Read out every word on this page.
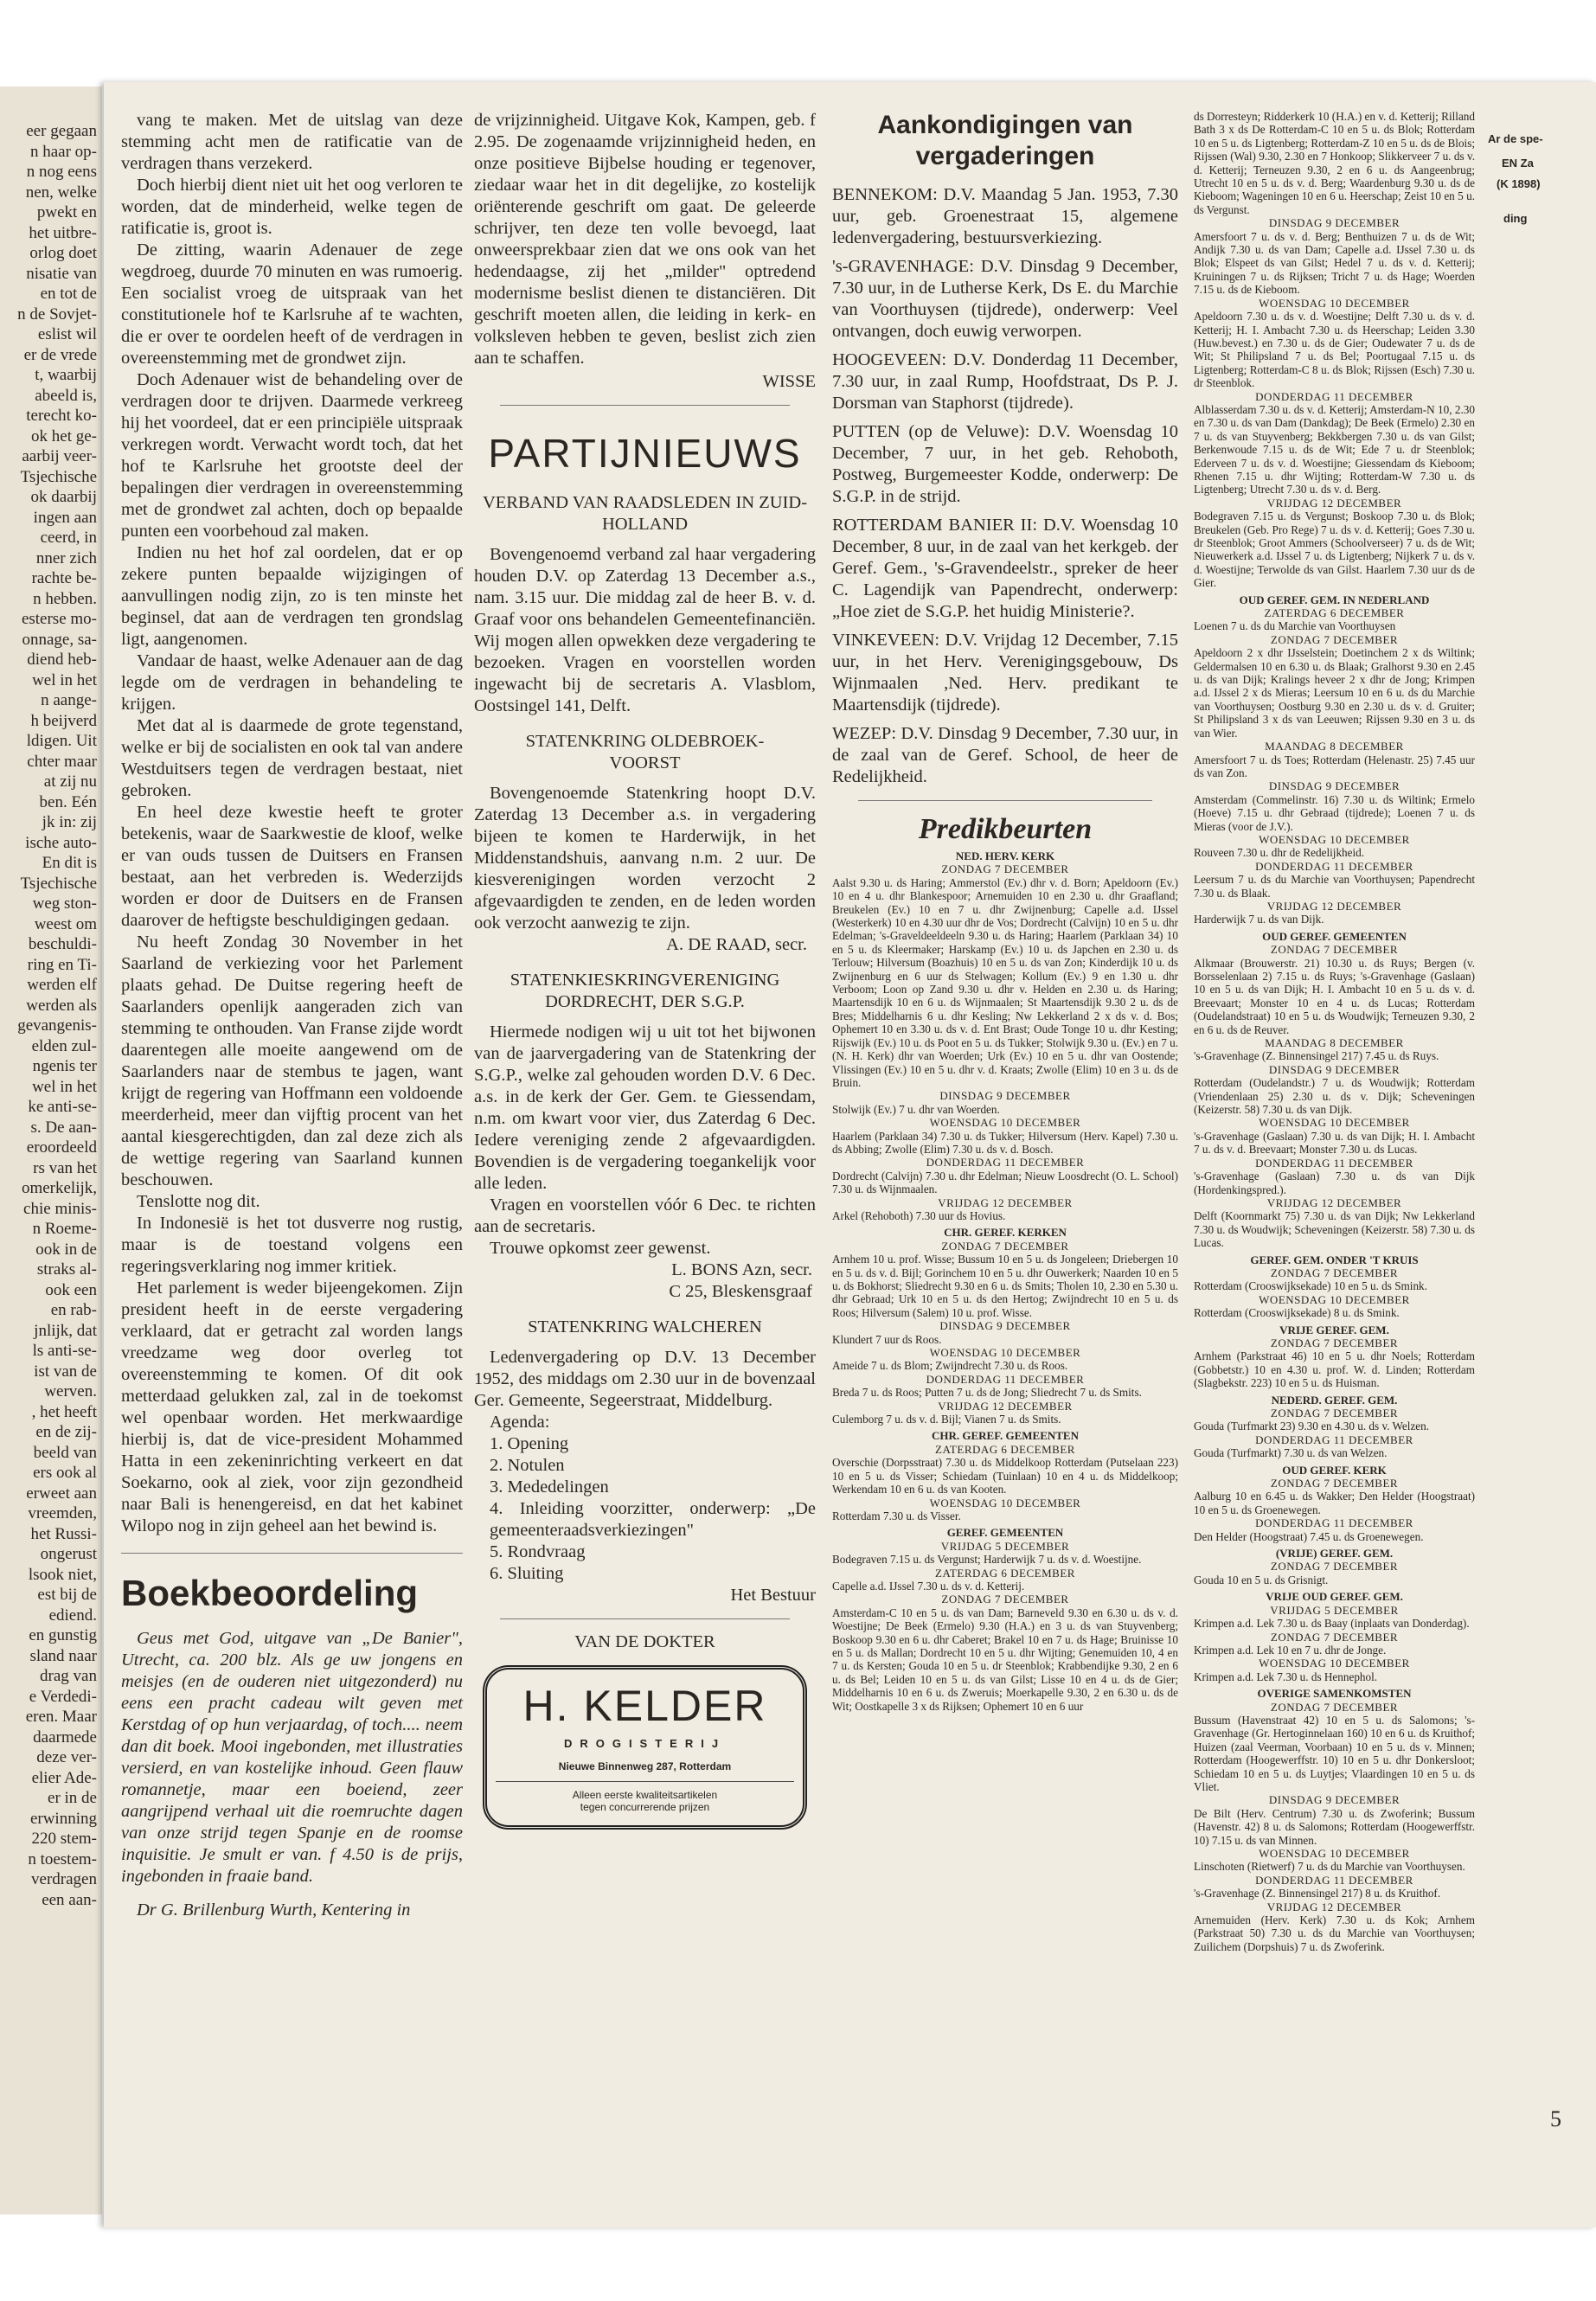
eer gegaan
n haar op-
n nog eens
nen, welke
pwekt en
het uitbre-
orlog doet
nisatie van
en tot de
n de Sovjet-
eslist wil
er de vrede
t, waarbij
abeeld is,
terecht ko-
ok het ge-
aarbij veer-
Tsjechische
ok daarbij
ingen aan
ceerd, in
nner zich
rachte be-
n hebben.
esterse mo-
onnage, sa-
diend heb-
wel in het
n aange-
h beijverd
ldigen. Uit
chter maar
at zij nu
ben. Eén
jk in: zij
ische auto-
En dit is
Tsjechische
weg ston-
weest om
beschuldi-
ring en Ti-
werden elf
werden als
gevangenis-
elden zul-
ngenis ter
wel in het
ke anti-se-
s. De aan-
eroordeeld
rs van het
omerkelijk,
chie minis-
n Roeme-
ook in de
straks al-
ook een
en rab-
jnlijk, dat
ls anti-se-
ist van de
werven.
, het heeft
en de zij-
beeld van
ers ook al
erweet aan
vreemden,
het Russi-
ongerust
lsook niet,
est bij de
ediend.
en gunstig
sland naar
drag van
e Verdedi-
eren. Maar
daarmede
deze ver-
elier Ade-
er in de
erwinning
220 stem-
n toestem-
verdragen
een aan-

vang te maken. Met de uitslag van deze stemming acht men de ratificatie van de verdragen thans verzekerd.

Doch hierbij dient niet uit het oog verloren te worden, dat de minderheid, welke tegen de ratificatie is, groot is.

De zitting, waarin Adenauer de zege wegdroeg, duurde 70 minuten en was rumoerig. Een socialist vroeg de uitspraak van het constitutionele hof te Karlsruhe af te wachten, die er over te oordelen heeft of de verdragen in overeenstemming met de grondwet zijn.

Doch Adenauer wist de behandeling over de verdragen door te drijven. Daarmede verkreeg hij het voordeel, dat er een principiële uitspraak verkregen wordt. Verwacht wordt toch, dat het hof te Karlsruhe het grootste deel der bepalingen dier verdragen in overeenstemming met de grondwet zal achten, doch op bepaalde punten een voorbehoud zal maken.

Indien nu het hof zal oordelen, dat er op zekere punten bepaalde wijzigingen of aanvullingen nodig zijn, zo is ten minste het beginsel, dat aan de verdragen ten grondslag ligt, aangenomen.

Vandaar de haast, welke Adenauer aan de dag legde om de verdragen in behandeling te krijgen.

Met dat al is daarmede de grote tegenstand, welke er bij de socialisten en ook tal van andere Westduitsers tegen de verdragen bestaat, niet gebroken.

En heel deze kwestie heeft te groter betekenis, waar de Saarkwestie de kloof, welke er van ouds tussen de Duitsers en Fransen bestaat, aan het verbreden is. Wederzijds worden er door de Duitsers en de Fransen daarover de heftigste beschuldigingen gedaan.

Nu heeft Zondag 30 November in het Saarland de verkiezing voor het Parlement plaats gehad. De Duitse regering heeft de Saarlanders openlijk aangeraden zich van stemming te onthouden. Van Franse zijde wordt daarentegen alle moeite aangewend om de Saarlanders naar de stembus te jagen, want krijgt de regering van Hoffmann een voldoende meerderheid, meer dan vijftig procent van het aantal kiesgerechtigden, dan zal deze zich als de wettige regering van Saarland kunnen beschouwen.

Tenslotte nog dit.

In Indonesië is het tot dusverre nog rustig, maar is de toestand volgens een regeringsverklaring nog immer kritiek.

Het parlement is weder bijeengekomen. Zijn president heeft in de eerste vergadering verklaard, dat er getracht zal worden langs vreedzame weg door overleg tot overeenstemming te komen. Of dit ook metterdaad gelukken zal, zal in de toekomst wel openbaar worden. Het merkwaardige hierbij is, dat de vice-president Mohammed Hatta in een zekeninrichting verkeert en dat Soekarno, ook al ziek, voor zijn gezondheid naar Bali is henengereisd, en dat het kabinet Wilopo nog in zijn geheel aan het bewind is.

Boekbeoordeling

Geus met God, uitgave van „De Banier", Utrecht, ca. 200 blz. Als ge uw jongens en meisjes (en de ouderen niet uitgezonderd) nu eens een pracht cadeau wilt geven met Kerstdag of op hun verjaardag, of toch.... neem dan dit boek. Mooi ingebonden, met illustraties versierd, en van kostelijke inhoud. Geen flauw romannetje, maar een boeiend, zeer aangrijpend verhaal uit die roemruchte dagen van onze strijd tegen Spanje en de roomse inquisitie. Je smult er van. f 4.50 is de prijs, ingebonden in fraaie band.

Dr G. Brillenburg Wurth, Kentering in

de vrijzinnigheid. Uitgave Kok, Kampen, geb. f 2.95. De zogenaamde vrijzinnigheid heden, en onze positieve Bijbelse houding er tegenover, ziedaar waar het in dit degelijke, zo kostelijk oriënterende geschrift om gaat. De geleerde schrijver, ten deze ten volle bevoegd, laat onweersprekbaar zien dat we ons ook van het hedendaagse, zij het „milder" optredend modernisme beslist dienen te distanciëren. Dit geschrift moeten allen, die leiding in kerk- en volksleven hebben te geven, beslist zich zien aan te schaffen.

WISSE
PARTIJNIEUWS
VERBAND VAN RAADSLEDEN IN ZUID-HOLLAND

Bovengenoemd verband zal haar vergadering houden D.V. op Zaterdag 13 December a.s., nam. 3.15 uur. Die middag zal de heer B. v. d. Graaf voor ons behandelen Gemeentefinanciën. Wij mogen allen opwekken deze vergadering te bezoeken. Vragen en voorstellen worden ingewacht bij de secretaris A. Vlasblom, Oostsingel 141, Delft.

STATENKRING OLDEBROEK-VOORST

Bovengenoemde Statenkring hoopt D.V. Zaterdag 13 December a.s. in vergadering bijeen te komen te Harderwijk, in het Middenstandshuis, aanvang n.m. 2 uur. De kiesverenigingen worden verzocht 2 afgevaardigden te zenden, en de leden worden ook verzocht aanwezig te zijn.

A. DE RAAD, secr.
STATENKIESKRINGVERENIGING DORDRECHT, DER S.G.P.

Hiermede nodigen wij u uit tot het bijwonen van de jaarvergadering van de Statenkring der S.G.P., welke zal gehouden worden D.V. 6 Dec. a.s. in de kerk der Ger. Gem. te Giessendam, n.m. om kwart voor vier, dus Zaterdag 6 Dec. Iedere vereniging zende 2 afgevaardigden. Bovendien is de vergadering toegankelijk voor alle leden.

Vragen en voorstellen vóór 6 Dec. te richten aan de secretaris.

Trouwe opkomst zeer gewenst.

L. BONS Azn, secr.
C 25, Bleskensgraaf
STATENKRING WALCHEREN

Ledenvergadering op D.V. 13 December 1952, des middags om 2.30 uur in de bovenzaal Ger. Gemeente, Segeerstraat, Middelburg.

Agenda:
1. Opening
2. Notulen
3. Mededelingen
4. Inleiding voorzitter, onderwerp: „De gemeenteraadsverkiezingen"
5. Rondvraag
6. Sluiting
Het Bestuur
VAN DE DOKTER
H. KELDER
DROGISTERIJ
Nieuwe Binnenweg 287, Rotterdam
Alleen eerste kwaliteitsartikelen
tegen concurrerende prijzen
Aankondigingen van vergaderingen
BENNEKOM: D.V. Maandag 5 Jan. 1953, 7.30 uur, geb. Groenestraat 15, algemene ledenvergadering, bestuursverkiezing.
's-GRAVENHAGE: D.V. Dinsdag 9 December, 7.30 uur, in de Lutherse Kerk, Ds E. du Marchie van Voorthuysen (tijdrede), onderwerp: Veel ontvangen, doch euwig verworpen.
HOOGEVEEN: D.V. Donderdag 11 December, 7.30 uur, in zaal Rump, Hoofdstraat, Ds P. J. Dorsman van Staphorst (tijdrede).
PUTTEN (op de Veluwe): D.V. Woensdag 10 December, 7 uur, in het geb. Rehoboth, Postweg, Burgemeester Kodde, onderwerp: De S.G.P. in de strijd.
ROTTERDAM BANIER II: D.V. Woensdag 10 December, 8 uur, in de zaal van het kerkgeb. der Geref. Gem., 's-Gravendeelstr., spreker de heer C. Lagendijk van Papendrecht, onderwerp: „Hoe ziet de S.G.P. het huidig Ministerie?.
VINKEVEEN: D.V. Vrijdag 12 December, 7.15 uur, in het Herv. Verenigingsgebouw, Ds Wijnmaalen ,Ned. Herv. predikant te Maartensdijk (tijdrede).
WEZEP: D.V. Dinsdag 9 December, 7.30 uur, in de zaal van de Geref. School, de heer de Redelijkheid.
Predikbeurten
NED. HERV. KERK
ZONDAG 7 DECEMBER
Aalst 9.30 u. ds Haring; Ammerstol (Ev.) dhr v. d. Born; Apeldoorn (Ev.) 10 en 4 u. dhr Blankespoor; Arnemuiden 10 en 2.30 u. dhr Graafland; Breukelen (Ev.) 10 en 7 u. dhr Zwijnenburg; Capelle a.d. IJssel (Westerkerk) 10 en 4.30 uur dhr de Vos; Dordrecht (Calvijn) 10 en 5 u. dhr Edelman; 's-Graveldeeldeeln 9.30 u. ds Haring; Haarlem (Parklaan 34) 10 en 5 u. ds Kleermaker; Harskamp (Ev.) 10 u. ds Japchen en 2.30 u. ds Terlouw; Hilversum (Boazhuis) 10 en 5 u. ds van Zon; Kinderdijk 10 u. ds Zwijnenburg en 6 uur ds Stelwagen; Kollum (Ev.) 9 en 1.30 u. dhr Verboom; Loon op Zand 9.30 u. dhr v. Helden en 2.30 u. ds Haring; Maartensdijk 10 en 6 u. ds Wijnmaalen; St Maartensdijk 9.30 2 u. ds de Bres; Middelharnis 6 u. dhr Kesling; Nw Lekkerland 2 x ds v. d. Bos; Ophemert 10 en 3.30 u. ds v. d. Ent Brast; Oude Tonge 10 u. dhr Kesting; Rijswijk (Ev.) 10 u. ds Poot en 5 u. ds Tukker; Stolwijk 9.30 u. (Ev.) en 7 u. (N. H. Kerk) dhr van Woerden; Urk (Ev.) 10 en 5 u. dhr van Oostende; Vlissingen (Ev.) 10 en 5 u. dhr v. d. Kraats; Zwolle (Elim) 10 en 3 u. ds de Bruin.
DINSDAG 9 DECEMBER
Stolwijk (Ev.) 7 u. dhr van Woerden.
WOENSDAG 10 DECEMBER
Haarlem (Parklaan 34) 7.30 u. ds Tukker; Hilversum (Herv. Kapel) 7.30 u. ds Abbing; Zwolle (Elim) 7.30 u. ds v. d. Bosch.
DONDERDAG 11 DECEMBER
Dordrecht (Calvijn) 7.30 u. dhr Edelman; Nieuw Loosdrecht (O. L. School) 7.30 u. ds Wijnmaalen.
VRIJDAG 12 DECEMBER
Arkel (Rehoboth) 7.30 uur ds Hovius.
CHR. GEREF. KERKEN
ZONDAG 7 DECEMBER
Arnhem 10 u. prof. Wisse; Bussum 10 en 5 u. ds Jongeleen; Driebergen 10 en 5 u. ds v. d. Bijl; Gorinchem 10 en 5 u. dhr Ouwerkerk; Naarden 10 en 5 u. ds Bokhorst; Sliedrecht 9.30 en 6 u. ds Smits; Tholen 10, 2.30 en 5.30 u. dhr Gebraad; Urk 10 en 5 u. ds den Hertog; Zwijndrecht 10 en 5 u. ds Roos; Hilversum (Salem) 10 u. prof. Wisse.
DINSDAG 9 DECEMBER
Klundert 7 uur ds Roos.
WOENSDAG 10 DECEMBER
Ameide 7 u. ds Blom; Zwijndrecht 7.30 u. ds Roos.
DONDERDAG 11 DECEMBER
Breda 7 u. ds Roos; Putten 7 u. ds de Jong; Sliedrecht 7 u. ds Smits.
VRIJDAG 12 DECEMBER
Culemborg 7 u. ds v. d. Bijl; Vianen 7 u. ds Smits.
CHR. GEREF. GEMEENTEN
ZATERDAG 6 DECEMBER
Overschie (Dorpsstraat) 7.30 u. ds Middelkoop Rotterdam (Putselaan 223) 10 en 5 u. ds Visser; Schiedam (Tuinlaan) 10 en 4 u. ds Middelkoop; Werkendam 10 en 6 u. ds van Kooten.
WOENSDAG 10 DECEMBER
Rotterdam 7.30 u. ds Visser.
GEREF. GEMEENTEN
VRIJDAG 5 DECEMBER
Bodegraven 7.15 u. ds Vergunst; Harderwijk 7 u. ds v. d. Woestijne.
ZATERDAG 6 DECEMBER
Capelle a.d. IJssel 7.30 u. ds v. d. Ketterij.
ZONDAG 7 DECEMBER
Amsterdam-C 10 en 5 u. ds van Dam; Barneveld 9.30 en 6.30 u. ds v. d. Woestijne; De Beek (Ermelo) 9.30 (H.A.) en 3 u. ds van Stuyvenberg; Boskoop 9.30 en 6 u. dhr Caberet; Brakel 10 en 7 u. ds Hage; Bruinisse 10 en 5 u. ds Mallan; Dordrecht 10 en 5 u. dhr Wijting; Genemuiden 10, 4 en 7 u. ds Kersten; Gouda 10 en 5 u. dr Steenblok; Krabbendijke 9.30, 2 en 6 u. ds Bel; Leiden 10 en 5 u. ds van Gilst; Lisse 10 en 4 u. ds de Gier; Middelharnis 10 en 6 u. ds Zweruis; Moerkapelle 9.30, 2 en 6.30 u. ds de Wit; Oostkapelle 3 x ds Rijksen; Ophemert 10 en 6 uur
ds Dorresteyn; Ridderkerk 10 (H.A.) en v. d. Ketterij; Rilland Bath 3 x ds De Rotterdam-C 10 en 5 u. ds Blok; Rotterdam 10 en 5 u. ds Ligtenberg; Rotterdam-Z 10 en 5 u. ds de Blois; Rijssen (Wal) 9.30, 2.30 en 7 Honkoop; Slikkerveer 7 u. ds v. d. Ketterij; Terneuzen 9.30, 2 en 6 u. ds Aangeenbrug; Utrecht 10 en 5 u. ds v. d. Berg; Waardenburg 9.30 u. ds de Kieboom; Wageningen 10 en 6 u. Heerschap; Zeist 10 en 5 u. ds Vergunst.
DINSDAG 9 DECEMBER
Amersfoort 7 u. ds v. d. Berg; Benthuizen 7 u. ds de Wit; Andijk 7.30 u. ds van Dam; Capelle a.d. IJssel 7.30 u. ds Blok; Elspeet ds van Gilst; Hedel 7 u. ds v. d. Ketterij; Kruiningen 7 u. ds Rijksen; Tricht 7 u. ds Hage; Woerden 7.15 u. ds de Kieboom.
WOENSDAG 10 DECEMBER
Apeldoorn 7.30 u. ds v. d. Woestijne; Delft 7.30 u. ds v. d. Ketterij; H. I. Ambacht 7.30 u. ds Heerschap; Leiden 3.30 (Huw.bevest.) en 7.30 u. ds de Gier; Oudewater 7 u. ds de Wit; St Philipsland 7 u. ds Bel; Poortugaal 7.15 u. ds Ligtenberg; Rotterdam-C 8 u. ds Blok; Rijssen (Esch) 7.30 u. dr Steenblok.
DONDERDAG 11 DECEMBER
Alblasserdam 7.30 u. ds v. d. Ketterij; Amsterdam-N 10, 2.30 en 7.30 u. ds van Dam (Dankdag); De Beek (Ermelo) 2.30 en 7 u. ds van Stuyvenberg; Bekkbergen 7.30 u. ds van Gilst; Berkenwoude 7.15 u. ds de Wit; Ede 7 u. dr Steenblok; Ederveen 7 u. ds v. d. Woestijne; Giessendam ds Kieboom; Rhenen 7.15 u. dhr Wijting; Rotterdam-W 7.30 u. ds Ligtenberg; Utrecht 7.30 u. ds v. d. Berg.
VRIJDAG 12 DECEMBER
Bodegraven 7.15 u. ds Vergunst; Boskoop 7.30 u. ds Blok; Breukelen (Geb. Pro Rege) 7 u. ds v. d. Ketterij; Goes 7.30 u. dr Steenblok; Groot Ammers (Schoolverseer) 7 u. ds de Wit; Nieuwerkerk a.d. IJssel 7 u. ds Ligtenberg; Nijkerk 7 u. ds v. d. Woestijne; Terwolde ds van Gilst. Haarlem 7.30 uur ds de Gier.
OUD GEREF. GEM. IN NEDERLAND
ZATERDAG 6 DECEMBER
Loenen 7 u. ds du Marchie van Voorthuysen
ZONDAG 7 DECEMBER
Apeldoorn 2 x dhr IJsselstein; Doetinchem 2 x ds Wiltink; Geldermalsen 10 en 6.30 u. ds Blaak; Gralhorst 9.30 en 2.45 u. ds van Dijk; Kralings heveer 2 x dhr de Jong; Krimpen a.d. IJssel 2 x ds Mieras; Leersum 10 en 6 u. ds du Marchie van Voorthuysen; Oostburg 9.30 en 2.30 u. ds v. d. Gruiter; St Philipsland 3 x ds van Leeuwen; Rijssen 9.30 en 3 u. ds van Wier.
MAANDAG 8 DECEMBER
Amersfoort 7 u. ds Toes; Rotterdam (Helenastr. 25) 7.45 uur ds van Zon.
DINSDAG 9 DECEMBER
Amsterdam (Commelinstr. 16) 7.30 u. ds Wiltink; Ermelo (Hoeve) 7.15 u. dhr Gebraad (tijdrede); Loenen 7 u. ds Mieras (voor de J.V.).
WOENSDAG 10 DECEMBER
Rouveen 7.30 u. dhr de Redelijkheid.
DONDERDAG 11 DECEMBER
Leersum 7 u. ds du Marchie van Voorthuysen; Papendrecht 7.30 u. ds Blaak.
VRIJDAG 12 DECEMBER
Harderwijk 7 u. ds van Dijk.
OUD GEREF. GEMEENTEN
ZONDAG 7 DECEMBER
Alkmaar (Brouwerstr. 21) 10.30 u. ds Ruys; Bergen (v. Borsselenlaan 2) 7.15 u. ds Ruys; 's-Gravenhage (Gaslaan) 10 en 5 u. ds van Dijk; H. I. Ambacht 10 en 5 u. ds v. d. Breevaart; Monster 10 en 4 u. ds Lucas; Rotterdam (Oudelandstraat) 10 en 5 u. ds Woudwijk; Terneuzen 9.30, 2 en 6 u. ds de Reuver.
MAANDAG 8 DECEMBER
's-Gravenhage (Z. Binnensingel 217) 7.45 u. ds Ruys.
DINSDAG 9 DECEMBER
Rotterdam (Oudelandstr.) 7 u. ds Woudwijk; Rotterdam (Vriendenlaan 25) 2.30 u. ds v. Dijk; Scheveningen (Keizerstr. 58) 7.30 u. ds van Dijk.
WOENSDAG 10 DECEMBER
's-Gravenhage (Gaslaan) 7.30 u. ds van Dijk; H. I. Ambacht 7 u. ds v. d. Breevaart; Monster 7.30 u. ds Lucas.
DONDERDAG 11 DECEMBER
's-Gravenhage (Gaslaan) 7.30 u. ds van Dijk (Hordenkingspred.).
VRIJDAG 12 DECEMBER
Delft (Koornmarkt 75) 7.30 u. ds van Dijk; Nw Lekkerland 7.30 u. ds Woudwijk; Scheveningen (Keizerstr. 58) 7.30 u. ds Lucas.
GEREF. GEM. ONDER 'T KRUIS
ZONDAG 7 DECEMBER
Rotterdam (Crooswijksekade) 10 en 5 u. ds Smink.
WOENSDAG 10 DECEMBER
Rotterdam (Crooswijksekade) 8 u. ds Smink.
VRIJE GEREF. GEM.
ZONDAG 7 DECEMBER
Arnhem (Parkstraat 46) 10 en 5 u. dhr Noels; Rotterdam (Gobbetstr.) 10 en 4.30 u. prof. W. d. Linden; Rotterdam (Slagbekstr. 223) 10 en 5 u. ds Huisman.
NEDERD. GEREF. GEM.
ZONDAG 7 DECEMBER
Gouda (Turfmarkt 23) 9.30 en 4.30 u. ds v. Welzen.
DONDERDAG 11 DECEMBER
Gouda (Turfmarkt) 7.30 u. ds van Welzen.
OUD GEREF. KERK
ZONDAG 7 DECEMBER
Aalburg 10 en 6.45 u. ds Wakker; Den Helder (Hoogstraat) 10 en 5 u. ds Groenewegen.
DONDERDAG 11 DECEMBER
Den Helder (Hoogstraat) 7.45 u. ds Groenewegen.
(VRIJE) GEREF. GEM.
ZONDAG 7 DECEMBER
Gouda 10 en 5 u. ds Grisnigt.
VRIJE OUD GEREF. GEM.
VRIJDAG 5 DECEMBER
Krimpen a.d. Lek 7.30 u. ds Baay (inplaats van Donderdag).
ZONDAG 7 DECEMBER
Krimpen a.d. Lek 10 en 7 u. dhr de Jonge.
WOENSDAG 10 DECEMBER
Krimpen a.d. Lek 7.30 u. ds Hennephol.
OVERIGE SAMENKOMSTEN
ZONDAG 7 DECEMBER
Bussum (Havenstraat 42) 10 en 5 u. ds Salomons; 's-Gravenhage (Gr. Hertoginnelaan 160) 10 en 6 u. ds Kruithof; Huizen (zaal Veerman, Voorbaan) 10 en 5 u. ds v. Minnen; Rotterdam (Hoogewerffstr. 10) 10 en 5 u. dhr Donkersloot; Schiedam 10 en 5 u. ds Luytjes; Vlaardingen 10 en 5 u. ds Vliet.
DINSDAG 9 DECEMBER
De Bilt (Herv. Centrum) 7.30 u. ds Zwoferink; Bussum (Havenstr. 42) 8 u. ds Salomons; Rotterdam (Hoogewerffstr. 10) 7.15 u. ds van Minnen.
WOENSDAG 10 DECEMBER
Linschoten (Rietwerf) 7 u. ds du Marchie van Voorthuysen.
DONDERDAG 11 DECEMBER
's-Gravenhage (Z. Binnensingel 217) 8 u. ds Kruithof.
VRIJDAG 12 DECEMBER
Arnemuiden (Herv. Kerk) 7.30 u. ds Kok; Arnhem (Parkstraat 50) 7.30 u. ds du Marchie van Voorthuysen; Zuilichem (Dorpshuis) 7 u. ds Zwoferink.
Ar de spe-
EN Za
(K 1898)
ding
5
